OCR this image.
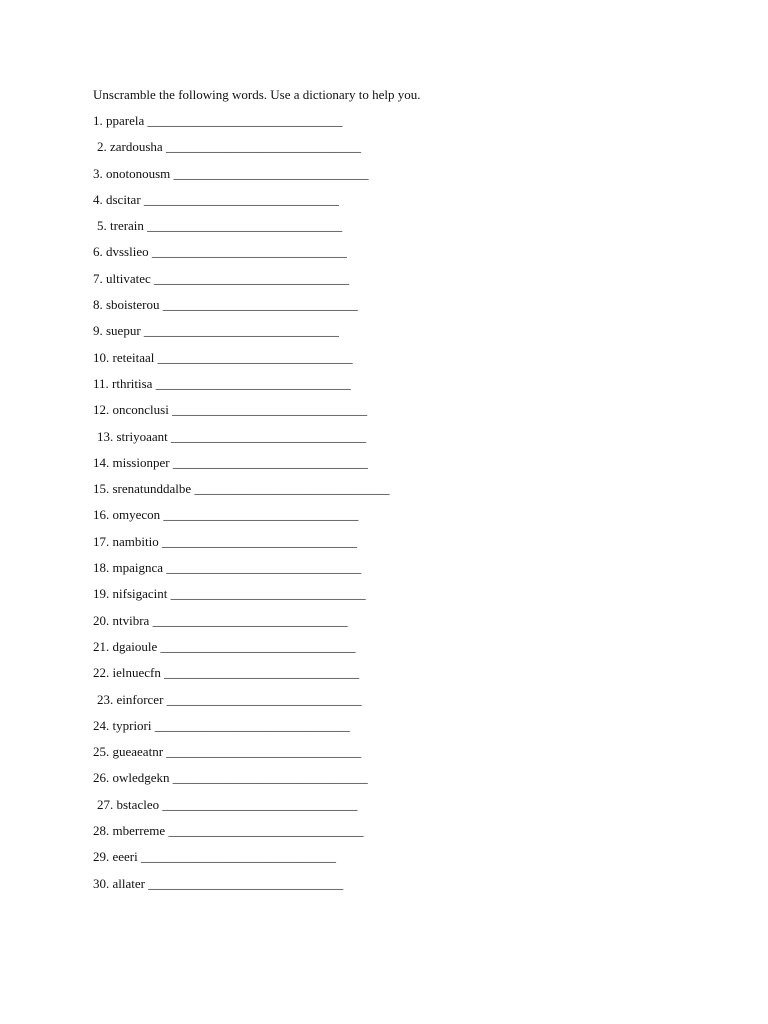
Unscramble the following words. Use a dictionary to help you.

1. pparela ______________________________
2. zardousha ______________________________
3. onotonousm ______________________________
4. dscitar ______________________________
5. trerain ______________________________
6. dvsslieo ______________________________
7. ultivatec ______________________________
8. sboisterou ______________________________
9. suepur ______________________________
10. reteitaal ______________________________
11. rthritisa ______________________________
12. onconclusi ______________________________
13. striyoaant ______________________________
14. missionper ______________________________
15. srenatunddalbe ______________________________
16. omyecon ______________________________
17. nambitio ______________________________
18. mpaignca ______________________________
19. nifsigacint ______________________________
20. ntvibra ______________________________
21. dgaioule ______________________________
22. ielnuecfn ______________________________
23. einforcer ______________________________
24. typriori ______________________________
25. gueaeatnr ______________________________
26. owledgekn ______________________________
27. bstacleo ______________________________
28. mberreme ______________________________
29. eeeri ______________________________
30. allater ______________________________
